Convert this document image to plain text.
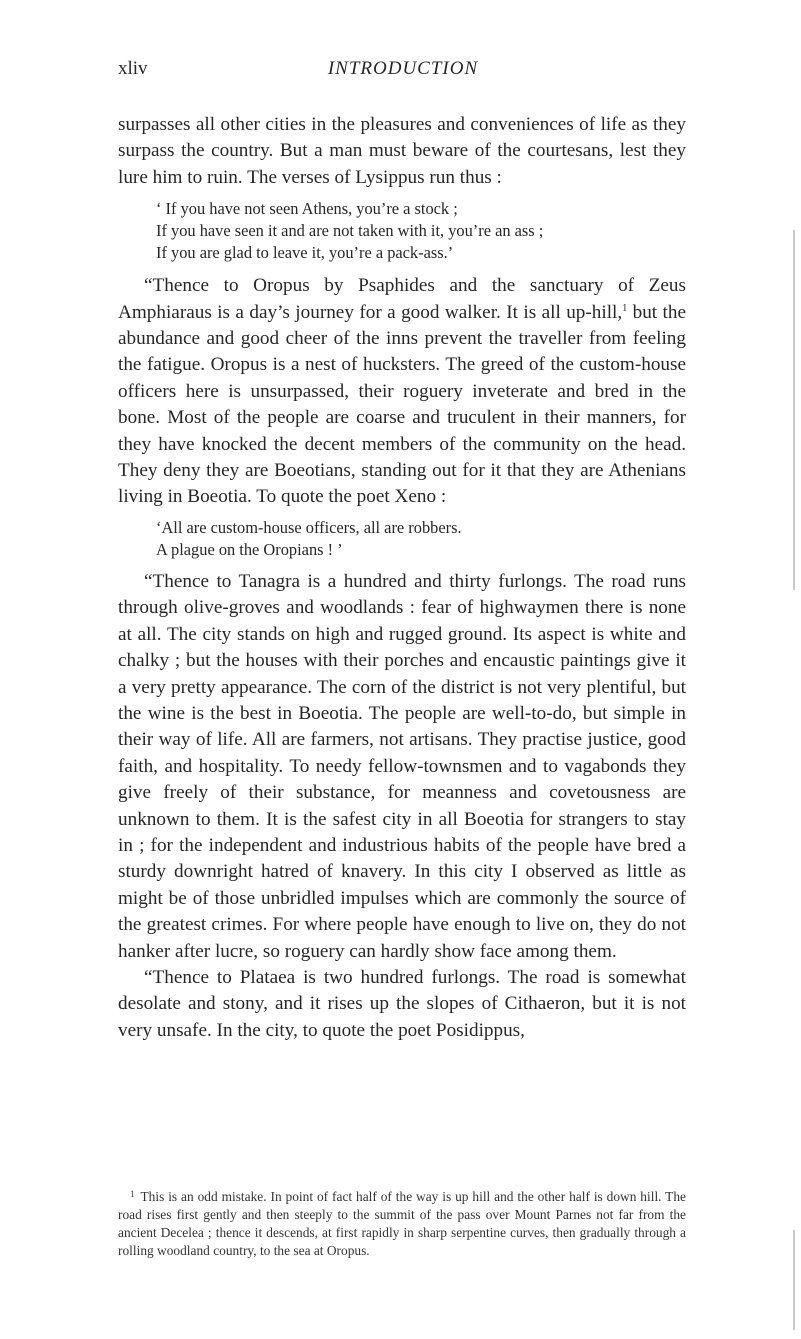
xliv	INTRODUCTION

surpasses all other cities in the pleasures and conveniences of life as they surpass the country. But a man must beware of the courtesans, lest they lure him to ruin. The verses of Lysippus run thus :

‘ If you have not seen Athens, you’re a stock ;
If you have seen it and are not taken with it, you’re an ass ;
If you are glad to leave it, you’re a pack-ass.’

“Thence to Oropus by Psaphides and the sanctuary of Zeus Amphiaraus is a day’s journey for a good walker. It is all up-hill,$^1$ but the abundance and good cheer of the inns prevent the traveller from feeling the fatigue. Oropus is a nest of hucksters. The greed of the custom-house officers here is unsurpassed, their roguery inveterate and bred in the bone. Most of the people are coarse and truculent in their manners, for they have knocked the decent members of the community on the head. They deny they are Boeotians, standing out for it that they are Athenians living in Boeotia. To quote the poet Xeno :

‘All are custom-house officers, all are robbers.
A plague on the Oropians ! ’

“Thence to Tanagra is a hundred and thirty furlongs. The road runs through olive-groves and woodlands : fear of highwaymen there is none at all. The city stands on high and rugged ground. Its aspect is white and chalky ; but the houses with their porches and encaustic paintings give it a very pretty appearance. The corn of the district is not very plentiful, but the wine is the best in Boeotia. The people are well-to-do, but simple in their way of life. All are farmers, not artisans. They practise justice, good faith, and hospitality. To needy fellow-townsmen and to vagabonds they give freely of their substance, for meanness and covetousness are unknown to them. It is the safest city in all Boeotia for strangers to stay in ; for the independent and industrious habits of the people have bred a sturdy downright hatred of knavery. In this city I observed as little as might be of those unbridled impulses which are commonly the source of the greatest crimes. For where people have enough to live on, they do not hanker after lucre, so roguery can hardly show face among them.

“Thence to Plataea is two hundred furlongs. The road is somewhat desolate and stony, and it rises up the slopes of Cithaeron, but it is not very unsafe. In the city, to quote the poet Posidippus,

$^1$ This is an odd mistake. In point of fact half of the way is up hill and the other half is down hill. The road rises first gently and then steeply to the summit of the pass over Mount Parnes not far from the ancient Decelea ; thence it descends, at first rapidly in sharp serpentine curves, then gradually through a rolling woodland country, to the sea at Oropus.
